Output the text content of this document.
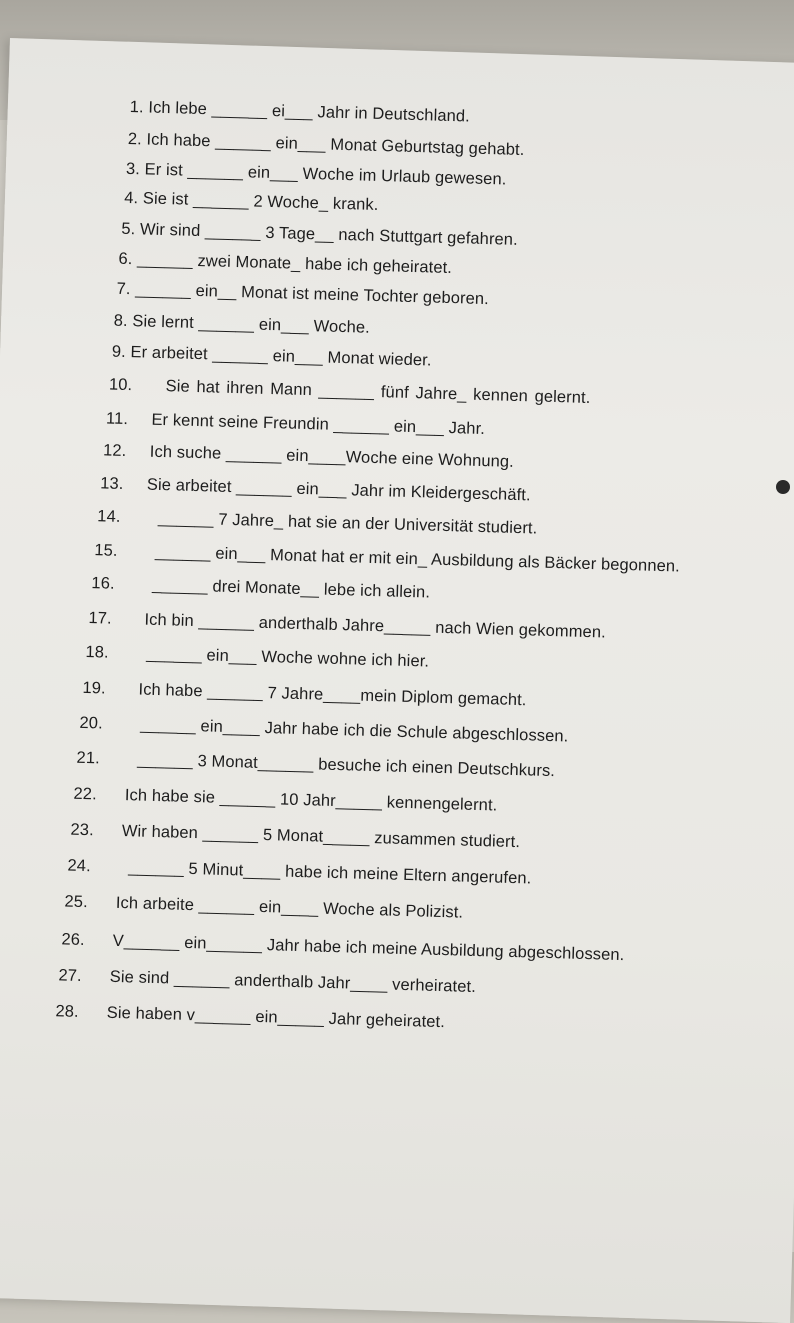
1. Ich lebe ______ ei___ Jahr in Deutschland.
2. Ich habe ______ ein___ Monat Geburtstag gehabt.
3. Er ist ______ ein___ Woche im Urlaub gewesen.
4. Sie ist ______ 2 Woche_ krank.
5. Wir sind ______ 3 Tage__ nach Stuttgart gefahren.
6. ______ zwei Monate_ habe ich geheiratet.
7. ______ ein__ Monat ist meine Tochter geboren.
8. Sie lernt ______ ein___ Woche.
9. Er arbeitet ______ ein___ Monat wieder.
10. Sie hat ihren Mann ______ fünf Jahre_ kennen gelernt.
11. Er kennt seine Freundin ______ ein___ Jahr.
12. Ich suche ______ ein____Woche eine Wohnung.
13. Sie arbeitet ______ ein___ Jahr im Kleidergeschäft.
14. ______ 7 Jahre_ hat sie an der Universität studiert.
15. ______ ein___ Monat hat er mit ein_ Ausbildung als Bäcker begonnen.
16. ______ drei Monate__ lebe ich allein.
17. Ich bin ______ anderthalb Jahre_____ nach Wien gekommen.
18. ______ ein___ Woche wohne ich hier.
19. Ich habe ______ 7 Jahre____mein Diplom gemacht.
20. ______ ein____ Jahr habe ich die Schule abgeschlossen.
21. ______ 3 Monat______ besuche ich einen Deutschkurs.
22. Ich habe sie ______ 10 Jahr_____ kennengelernt.
23. Wir haben ______ 5 Monat_____ zusammen studiert.
24. ______ 5 Minut____ habe ich meine Eltern angerufen.
25. Ich arbeite ______ ein____ Woche als Polizist.
26. V______ ein______ Jahr habe ich meine Ausbildung abgeschlossen.
27. Sie sind ______ anderthalb Jahr____ verheiratet.
28. Sie haben v______ ein_____ Jahr geheiratet.
